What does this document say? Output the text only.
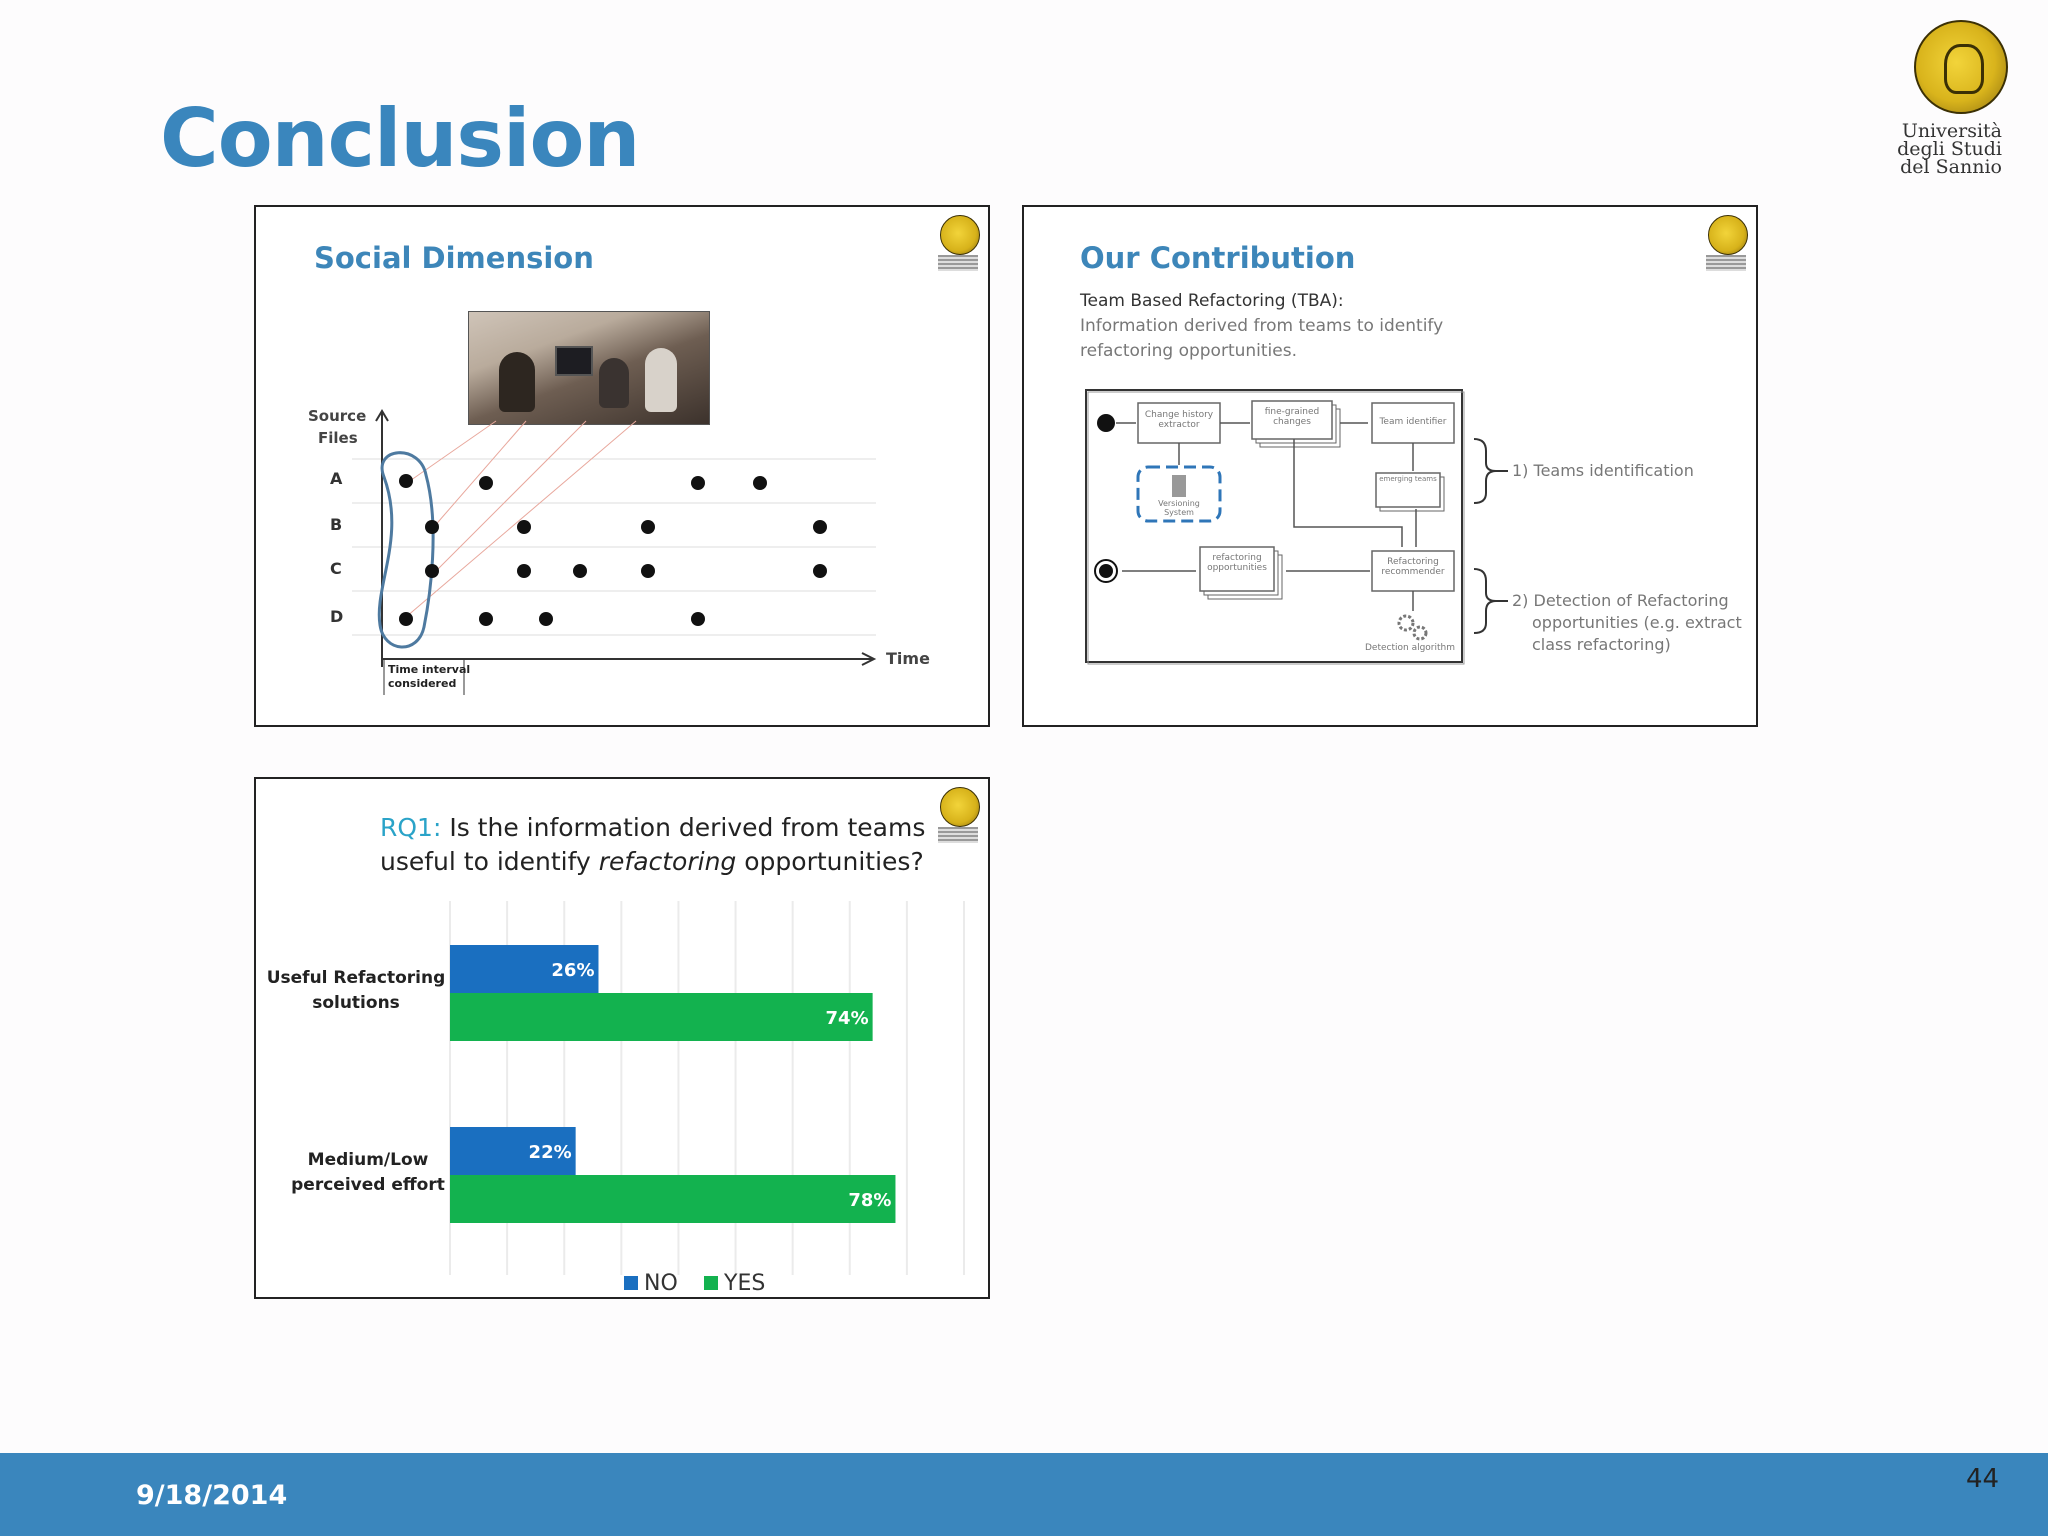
Conclusion	Università
degli Studi
del Sannio
Social Dimension
Source
Files
A
B
C
D
Time
Time interval
considered
Our Contribution
Team Based Refactoring (TBA):
Information derived from teams to identify
refactoring opportunities.
Change history extractor
fine-grained changes	Team identifier
Versioning System
emerging teams
Refactoring recommender
refactoring opportunities
Detection algorithm
1) Teams identification
2) Detection of Refactoring
opportunities (e.g. extract
class refactoring)
RQ1: Is the information derived from teams
useful to identify refactoring opportunities?
26%
74%
Useful Refactoring
solutions
22%
78%
Medium/Low
perceived effort
NO YES
9/18/2014
44
